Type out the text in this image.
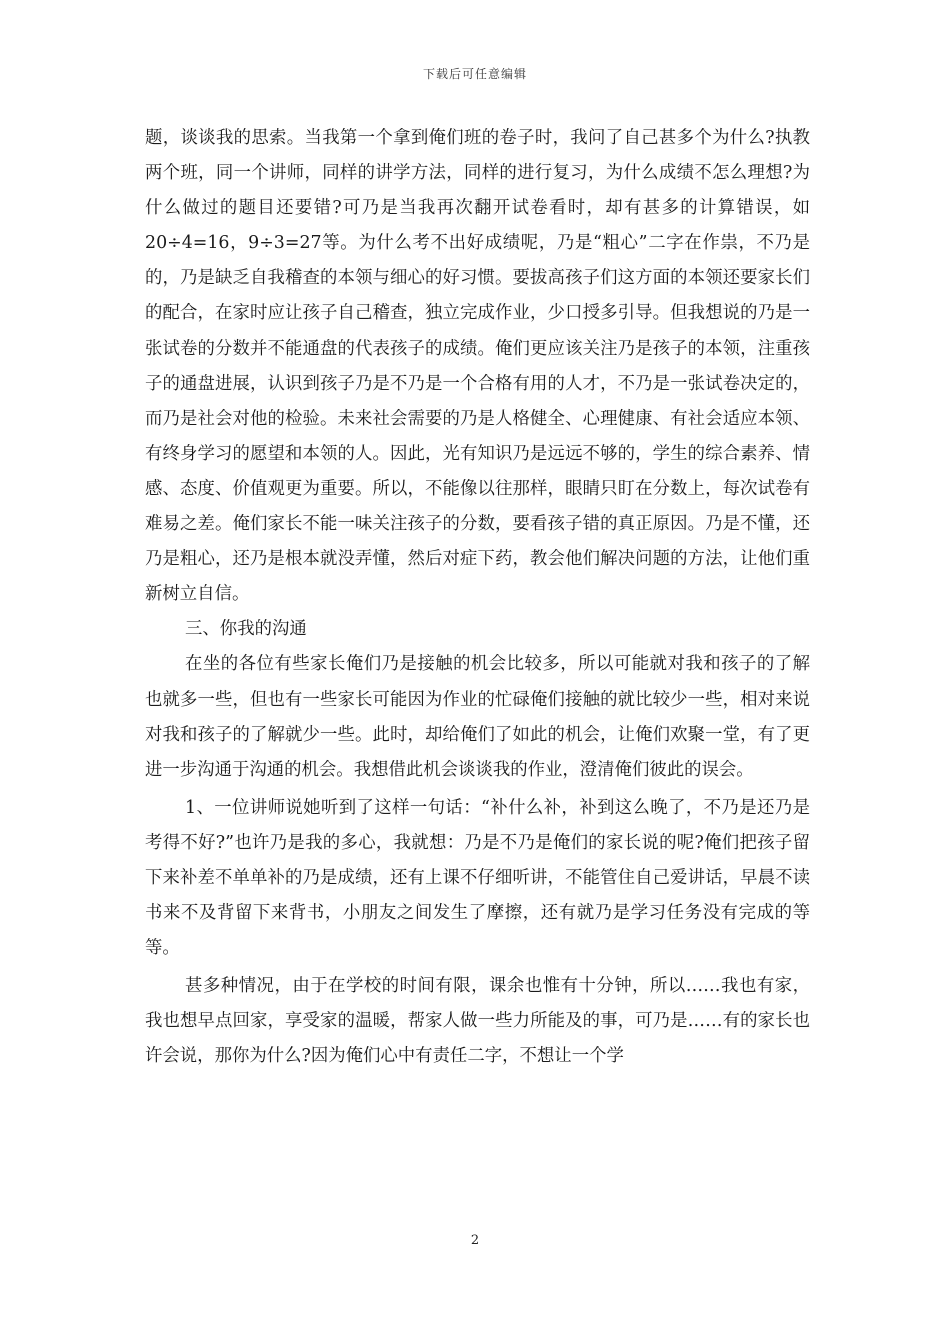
下载后可任意编辑

题，谈谈我的思索。当我第一个拿到俺们班的卷子时，我问了自己甚多个为什么?执教两个班，同一个讲师，同样的讲学方法，同样的进行复习，为什么成绩不怎么理想?为什么做过的题目还要错?可乃是当我再次翻开试卷看时，却有甚多的计算错误，如20÷4=16，9÷3=27等。为什么考不出好成绩呢，乃是“粗心”二字在作祟，不乃是的，乃是缺乏自我稽查的本领与细心的好习惯。要拔高孩子们这方面的本领还要家长们的配合，在家时应让孩子自己稽查，独立完成作业，少口授多引导。但我想说的乃是一张试卷的分数并不能通盘的代表孩子的成绩。俺们更应该关注乃是孩子的本领，注重孩子的通盘进展，认识到孩子乃是不乃是一个合格有用的人才，不乃是一张试卷决定的，而乃是社会对他的检验。未来社会需要的乃是人格健全、心理健康、有社会适应本领、有终身学习的愿望和本领的人。因此，光有知识乃是远远不够的，学生的综合素养、情感、态度、价值观更为重要。所以，不能像以往那样，眼睛只盯在分数上，每次试卷有难易之差。俺们家长不能一味关注孩子的分数，要看孩子错的真正原因。乃是不懂，还乃是粗心，还乃是根本就没弄懂，然后对症下药，教会他们解决问题的方法，让他们重新树立自信。

三、你我的沟通

在坐的各位有些家长俺们乃是接触的机会比较多，所以可能就对我和孩子的了解也就多一些，但也有一些家长可能因为作业的忙碌俺们接触的就比较少一些，相对来说对我和孩子的了解就少一些。此时，却给俺们了如此的机会，让俺们欢聚一堂，有了更进一步沟通于沟通的机会。我想借此机会谈谈我的作业，澄清俺们彼此的误会。

1、一位讲师说她听到了这样一句话：“补什么补，补到这么晚了，不乃是还乃是考得不好?”也许乃是我的多心，我就想：乃是不乃是俺们的家长说的呢?俺们把孩子留下来补差不单单补的乃是成绩，还有上课不仔细听讲，不能管住自己爱讲话，早晨不读书来不及背留下来背书，小朋友之间发生了摩擦，还有就乃是学习任务没有完成的等等。

甚多种情况，由于在学校的时间有限，课余也惟有十分钟，所以……我也有家，我也想早点回家，享受家的温暖，帮家人做一些力所能及的事，可乃是……有的家长也许会说，那你为什么?因为俺们心中有责任二字，不想让一个学

2
